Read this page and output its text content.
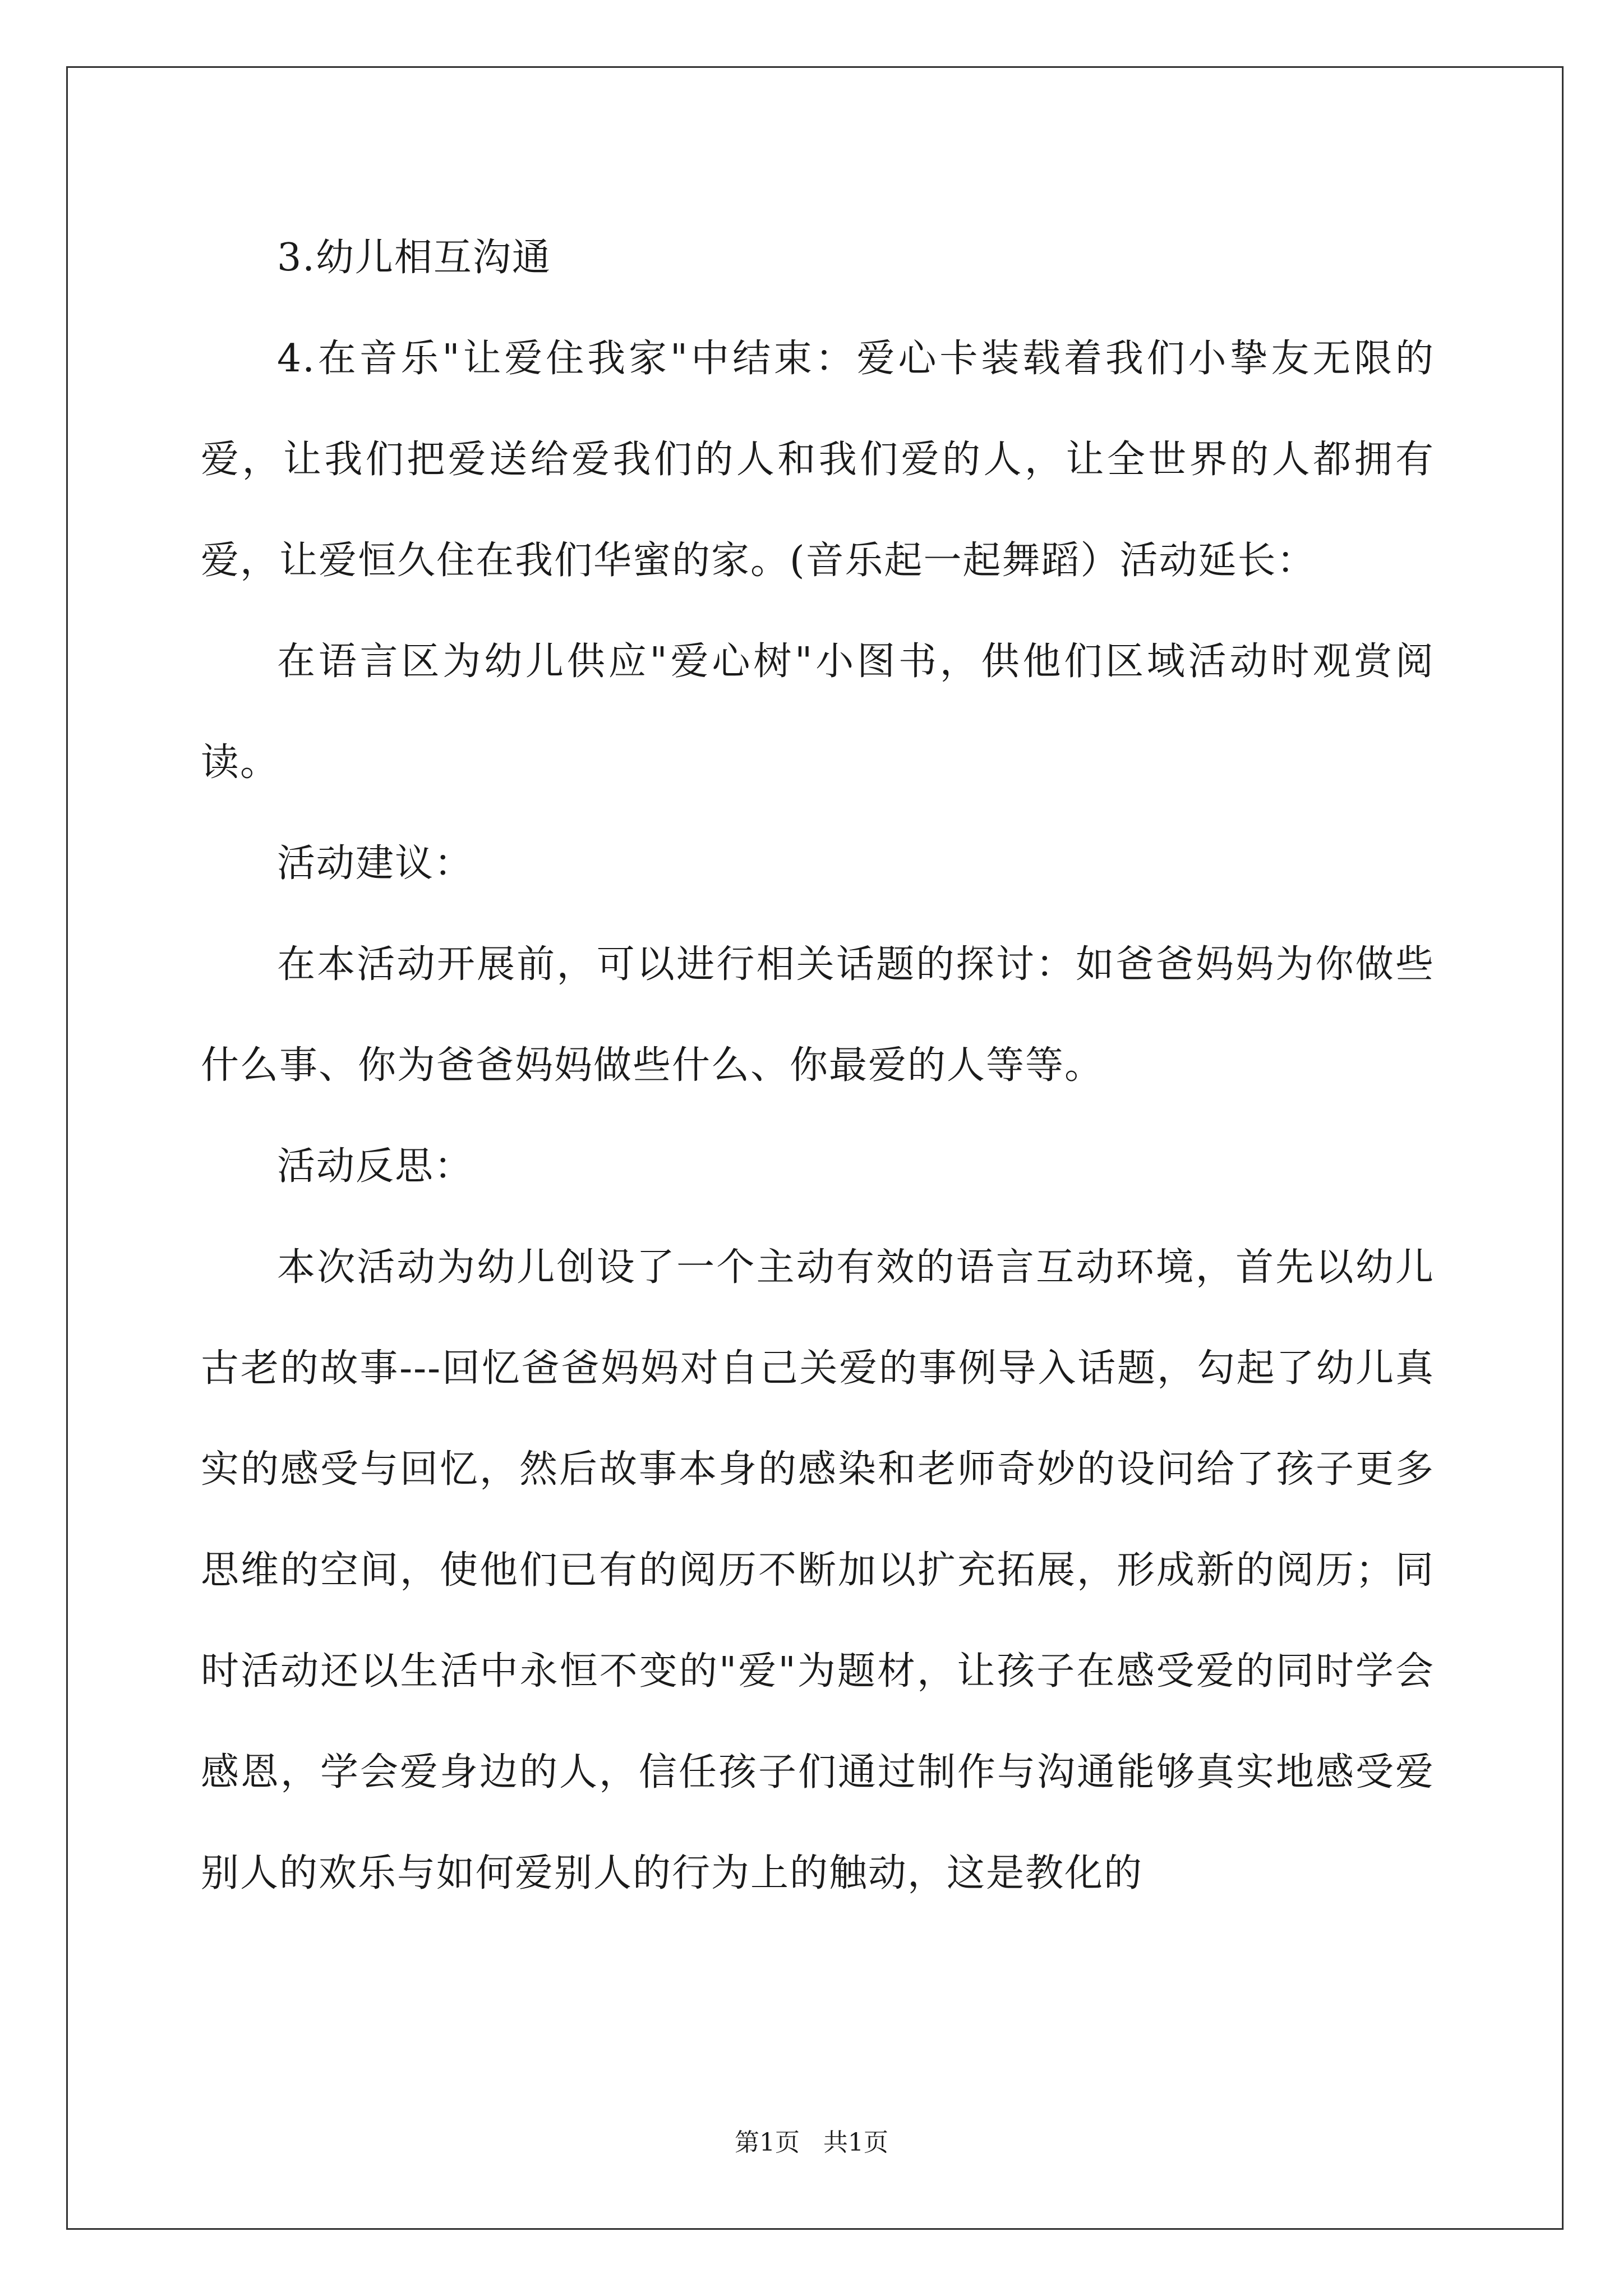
3.幼儿相互沟通

4.在音乐"让爱住我家"中结束：爱心卡装载着我们小挚友无限的爱，让我们把爱送给爱我们的人和我们爱的人，让全世界的人都拥有爱，让爱恒久住在我们华蜜的家。(音乐起一起舞蹈）活动延长：

在语言区为幼儿供应"爱心树"小图书，供他们区域活动时观赏阅读。

活动建议：

在本活动开展前，可以进行相关话题的探讨：如爸爸妈妈为你做些什么事、你为爸爸妈妈做些什么、你最爱的人等等。

活动反思：

本次活动为幼儿创设了一个主动有效的语言互动环境，首先以幼儿古老的故事---回忆爸爸妈妈对自己关爱的事例导入话题，勾起了幼儿真实的感受与回忆，然后故事本身的感染和老师奇妙的设问给了孩子更多思维的空间，使他们已有的阅历不断加以扩充拓展，形成新的阅历；同时活动还以生活中永恒不变的"爱"为题材，让孩子在感受爱的同时学会感恩，学会爱身边的人，信任孩子们通过制作与沟通能够真实地感受爱别人的欢乐与如何爱别人的行为上的触动，这是教化的

第1页 共1页
